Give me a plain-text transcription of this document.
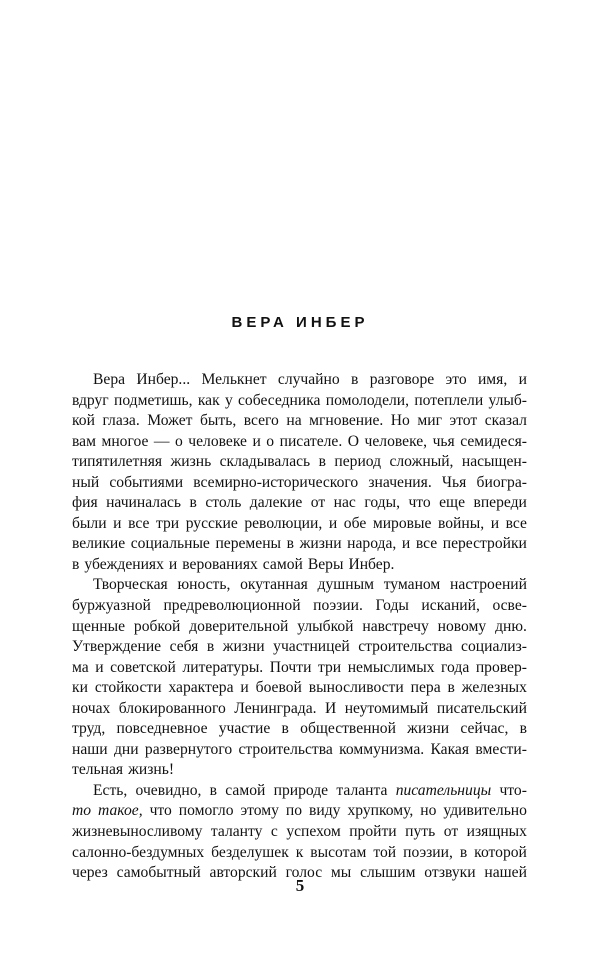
ВЕРА ИНБЕР
Вера Инбер... Мелькнет случайно в разговоре это имя, и
вдруг подметишь, как у собеседника помолодели, потеплели улыб-
кой глаза. Может быть, всего на мгновение. Но миг этот сказал
вам многое — о человеке и о писателе. О человеке, чья семидеся-
типятилетняя жизнь складывалась в период сложный, насыщен-
ный событиями всемирно-исторического значения. Чья биогра-
фия начиналась в столь далекие от нас годы, что еще впереди
были и все три русские революции, и обе мировые войны, и все
великие социальные перемены в жизни народа, и все перестройки
в убеждениях и верованиях самой Веры Инбер.
Творческая юность, окутанная душным туманом настроений
буржуазной предреволюционной поэзии. Годы исканий, осве-
щенные робкой доверительной улыбкой навстречу новому дню.
Утверждение себя в жизни участницей строительства социализ-
ма и советской литературы. Почти три немыслимых года провер-
ки стойкости характера и боевой выносливости пера в железных
ночах блокированного Ленинграда. И неутомимый писательский
труд, повседневное участие в общественной жизни сейчас, в
наши дни развернутого строительства коммунизма. Какая вмести-
тельная жизнь!
Есть, очевидно, в самой природе таланта писательницы что-
то такое, что помогло этому по виду хрупкому, но удивительно
жизневыносливому таланту с успехом пройти путь от изящных
салонно-бездумных безделушек к высотам той поэзии, в которой
через самобытный авторский голос мы слышим отзвуки нашей
5
